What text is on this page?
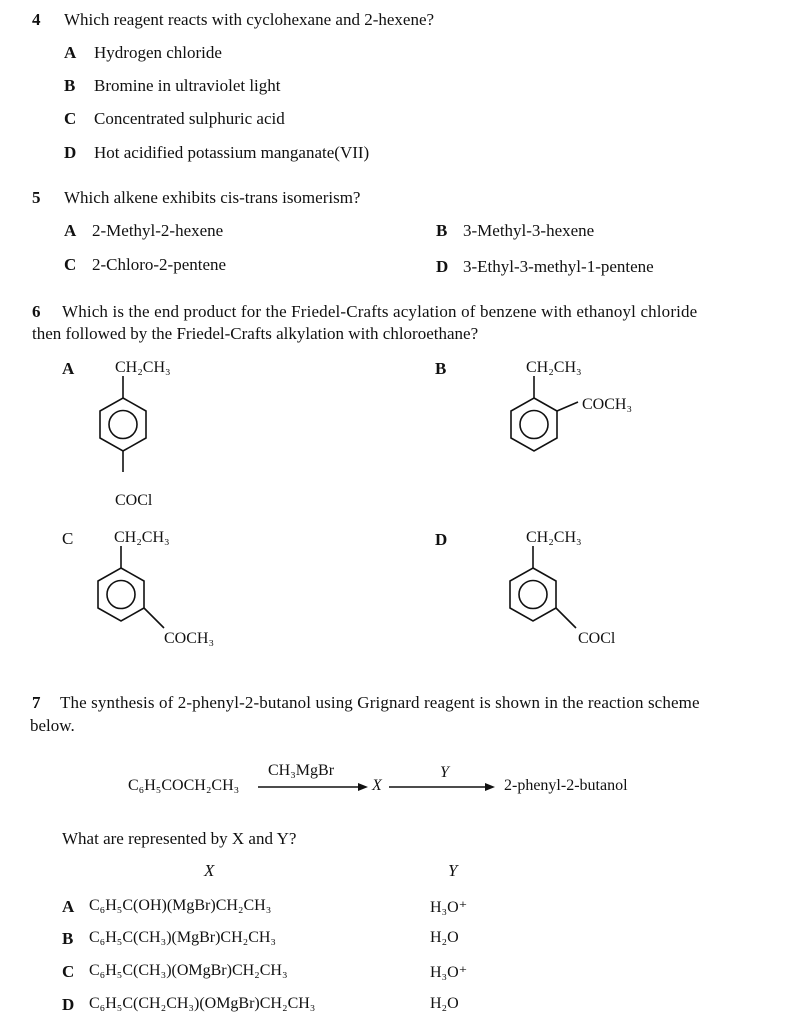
4 Which reagent reacts with cyclohexane and 2-hexene?
A Hydrogen chloride
B Bromine in ultraviolet light
C Concentrated sulphuric acid
D Hot acidified potassium manganate(VII)
5 Which alkene exhibits cis-trans isomerism?
A 2-Methyl-2-hexene	B 3-Methyl-3-hexene
C 2-Chloro-2-pentene	D 3-Ethyl-3-methyl-1-pentene
6 Which is the end product for the Friedel-Crafts acylation of benzene with ethanoyl chloride
then followed by the Friedel-Crafts alkylation with chloroethane?
A	CH₂CH₃
COCl
B	CH₂CH₃
COCH₃
C	CH₂CH₃
COCH₃
D	CH₂CH₃
COCl
7 The synthesis of 2-phenyl-2-butanol using Grignard reagent is shown in the reaction scheme
below.
C₆H₅COCH₂CH₃
CH₃MgBr
X
Y
2-phenyl-2-butanol
What are represented by X and Y?
X	Y
A C₆H₅C(OH)(MgBr)CH₂CH₃	H₃O⁺
B C₆H₅C(CH₃)(MgBr)CH₂CH₃	H₂O
C C₆H₅C(CH₃)(OMgBr)CH₂CH₃	H₃O⁺
D C₆H₅C(CH₂CH₃)(OMgBr)CH₂CH₃	H₂O
